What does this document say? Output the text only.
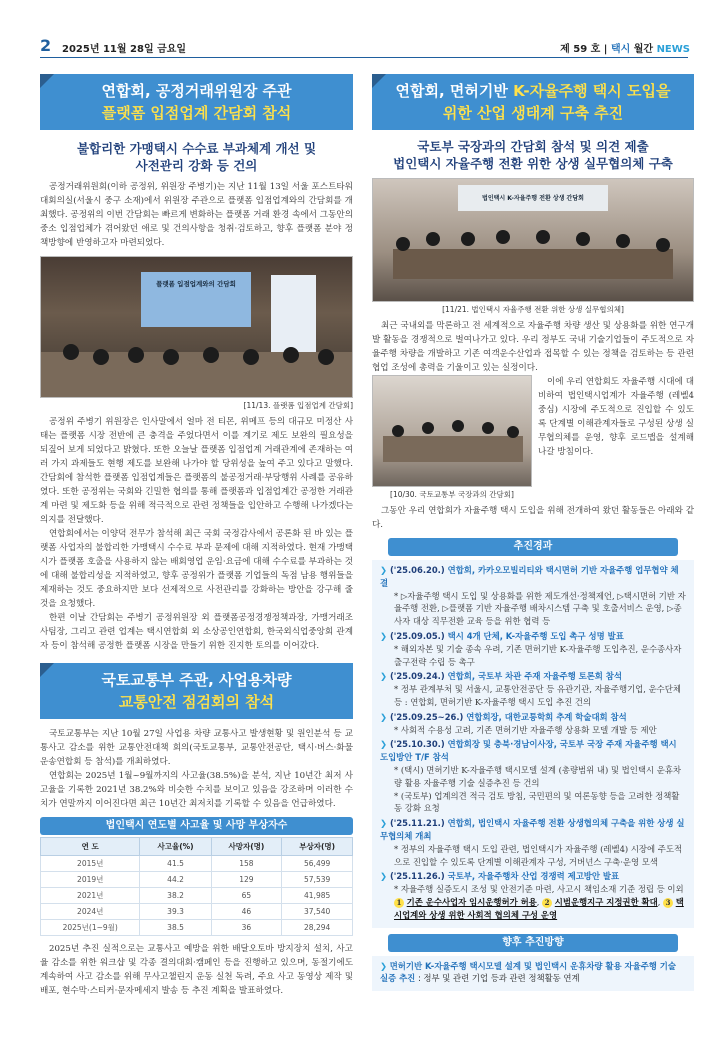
2 2025년 11월 28일 금요일	제 59 호 | 택시 월간 NEWS
연합회, 공정거래위원장 주관
플랫폼 입점업계 간담회 참석
불합리한 가맹택시 수수료 부과체계 개선 및
사전관리 강화 등 건의

공정거래위원회(이하 공정위, 위원장 주병기)는 지난 11월 13일 서울 포스트타워 대회의실(서울시 중구 소재)에서 위원장 주관으로 플랫폼 입점업계와의 간담회를 개최했다. 공정위의 이번 간담회는 빠르게 변화하는 플랫폼 거래 환경 속에서 그동안의 중소 입점업체가 겪어왔던 애로 및 건의사항을 청취·검토하고, 향후 플랫폼 분야 정책방향에 반영하고자 마련되었다.

플랫폼 입점업계와의 간담회
[11/13. 플랫폼 입점업계 간담회]

공정위 주병기 위원장은 인사말에서 얼마 전 티몬, 위메프 등의 대규모 미정산 사태는 플랫폼 시장 전반에 큰 충격을 주었다면서 이를 계기로 제도 보완의 필요성을 되짚어 보게 되었다고 밝혔다. 또한 오늘날 플랫폼 입점업계 거래관계에 존재하는 여러 가지 과제들도 현행 제도를 보완해 나가야 할 당위성을 높여 주고 있다고 말했다. 간담회에 참석한 플랫폼 입점업계들은 플랫폼의 불공정거래·부당행위 사례를 공유하였다. 또한 공정위는 국회와 긴밀한 협의를 통해 플랫폼과 입점업계간 공정한 거래관계 마련 및 제도화 등을 위해 적극적으로 관련 정책들을 입안하고 수행해 나가겠다는 의지를 전달했다.

연합회에서는 이양덕 전무가 참석해 최근 국회 국정감사에서 공론화 된 바 있는 플랫폼 사업자의 불합리한 가맹택시 수수료 부과 문제에 대해 지적하였다. 현재 가맹택시가 플랫폼 호출을 사용하지 않는 배회영업 운임·요금에 대해 수수료를 부과하는 것에 대해 불합리성을 지적하였고, 향후 공정위가 플랫폼 기업들의 독점 남용 행위들을 제재하는 것도 중요하지만 보다 선제적으로 사전관리를 강화하는 방안을 강구해 줄 것을 요청했다.

한편 이날 간담회는 주병기 공정위원장 외 플랫폼공정경쟁정책과장, 가맹거래조사팀장, 그리고 관련 업계는 택시연합회 외 소상공인연합회, 한국외식업중앙회 관계자 등이 참석해 공정한 플랫폼 시장을 만들기 위한 진지한 토의를 이어갔다.

국토교통부 주관, 사업용차량
교통안전 점검회의 참석

국토교통부는 지난 10월 27일 사업용 차량 교통사고 발생현황 및 원인분석 등 교통사고 감소를 위한 교통안전대책 회의(국토교통부, 교통안전공단, 택시·버스·화물 운송연합회 등 참석)를 개최하였다.

연합회는 2025년 1월~9월까지의 사고율(38.5%)을 분석, 지난 10년간 최저 사고율을 기록한 2021년 38.2%와 비슷한 수치를 보이고 있음을 강조하며 이러한 수치가 연말까지 이어진다면 최근 10년간 최저치를 기록할 수 있음을 언급하였다.

법인택시 연도별 사고율 및 사망 부상자수
연 도	사고율(%)	사망자(명)	부상자(명)
2015년	41.5	158	56,499
2019년	44.2	129	57,539
2021년	38.2	65	41,985
2024년	39.3	46	37,540
2025년(1~9월)	38.5	36	28,294

2025년 추진 실적으로는 교통사고 예방을 위한 배달오토바 방지장치 설치, 사고율 감소를 위한 워크샵 및 각종 결의대회·캠페인 등을 진행하고 있으며, 동절기에도 계속하여 사고 감소를 위해 무사고챌린지 운동 실천 독려, 주요 사고 동영상 제작 및 배포, 현수막·스티커·문자메세지 발송 등 추진 계획을 발표하였다.

연합회, 면허기반 K-자율주행 택시 도입을
위한 산업 생태계 구축 추진
국토부 국장과의 간담회 참석 및 의견 제출
법인택시 자율주행 전환 위한 상생 실무협의체 구축
법인택시 K-자율주행 전환 상생 간담회
[11/21. 법인택시 자율주행 전환 위한 상생 실무협의체]

최근 국내외를 막론하고 전 세계적으로 자율주행 차량 생산 및 상용화를 위한 연구개발 활동을 경쟁적으로 벌여나가고 있다. 우리 정부도 국내 기술기업들이 주도적으로 자율주행 차량을 개발하고 기존 여객운수산업과 접목할 수 있는 정책을 검토하는 등 관련 협업 조성에 총력을 기울이고 있는 실정이다.

[10/30. 국토교통부 국장과의 간담회]

이에 우리 연합회도 자율주행 시대에 대비하여 법인택시업계가 자율주행 (레벨4 중심) 시장에 주도적으로 진입할 수 있도록 단계별 이해관계자들로 구성된 상생 실무협의체를 운영, 향후 로드맵을 설계해 나갈 방침이다.

그동안 우리 연합회가 자율주행 택시 도입을 위해 전개하여 왔던 활동들은 아래와 같다.

추진경과
❯ ('25.06.20.) 연합회, 카카오모빌리티와 택시면허 기반 자율주행 업무협약 체결
* ▷자율주행 택시 도입 및 상용화를 위한 제도개선·정책제언, ▷택시면허 기반 자율주행 전환, ▷플랫폼 기반 자율주행 배차시스템 구축 및 호출서비스 운영, ▷종사자 대상 직무전환 교육 등을 위한 협력 등
❯ ('25.09.05.) 택시 4개 단체, K-자율주행 도입 촉구 성명 발표
* 해외자본 및 기술 종속 우려, 기존 면허기반 K-자율주행 도입추진, 운수종사자 출구전략 수립 등 촉구
❯ ('25.09.24.) 연합회, 국토부 차관 주재 자율주행 토론회 참석
* 정부 관계부처 및 서울시, 교통안전공단 등 유관기관, 자율주행기업, 운수단체 등 : 연합회, 면허기반 K-자율주행 택시 도입 추진 건의
❯ ('25.09.25~26.) 연합회장, 대한교통학회 추계 학술대회 참석
* 사회적 수용성 고려, 기존 면허기반 자율주행 상용화 모델 개발 등 제안
❯ ('25.10.30.) 연합회장 및 충북·경남이사장, 국토부 국장 주재 자율주행 택시 도입방안 T/F 참석
* (택시) 면허기반 K-자율주행 택시모델 설계 (총량범위 내) 및 법인택시 운휴차량 활용 자율주행 기술 실증추진 등 건의
* (국토부) 업계의견 적극 검토 방침, 국민편의 및 여론동향 등을 고려한 정책활동 강화 요청
❯ ('25.11.21.) 연합회, 법인택시 자율주행 전환 상생협의체 구축을 위한 상생 실무협의체 개최
* 정부의 자율주행 택시 도입 관련, 법인택시가 자율주행 (레벨4) 시장에 주도적으로 진입할 수 있도록 단계별 이해관계자 구성, 거버넌스 구축·운영 모색
❯ ('25.11.26.) 국토부, 자율주행차 산업 경쟁력 제고방안 발표
* 자율주행 실증도시 조성 및 안전기준 마련, 사고시 책임소재 기준 정립 등 이외 1 기존 운수사업자 임시운행허가 허용, 2 시범운행지구 지정권한 확대, 3 택시업계와 상생 위한 사회적 협의체 구성 운영
향후 추진방향
❯ 면허기반 K-자율주행 택시모델 설계 및 법인택시 운휴차량 활용 자율주행 기술 실증 추진 : 정부 및 관련 기업 등과 관련 정책활동 연계
